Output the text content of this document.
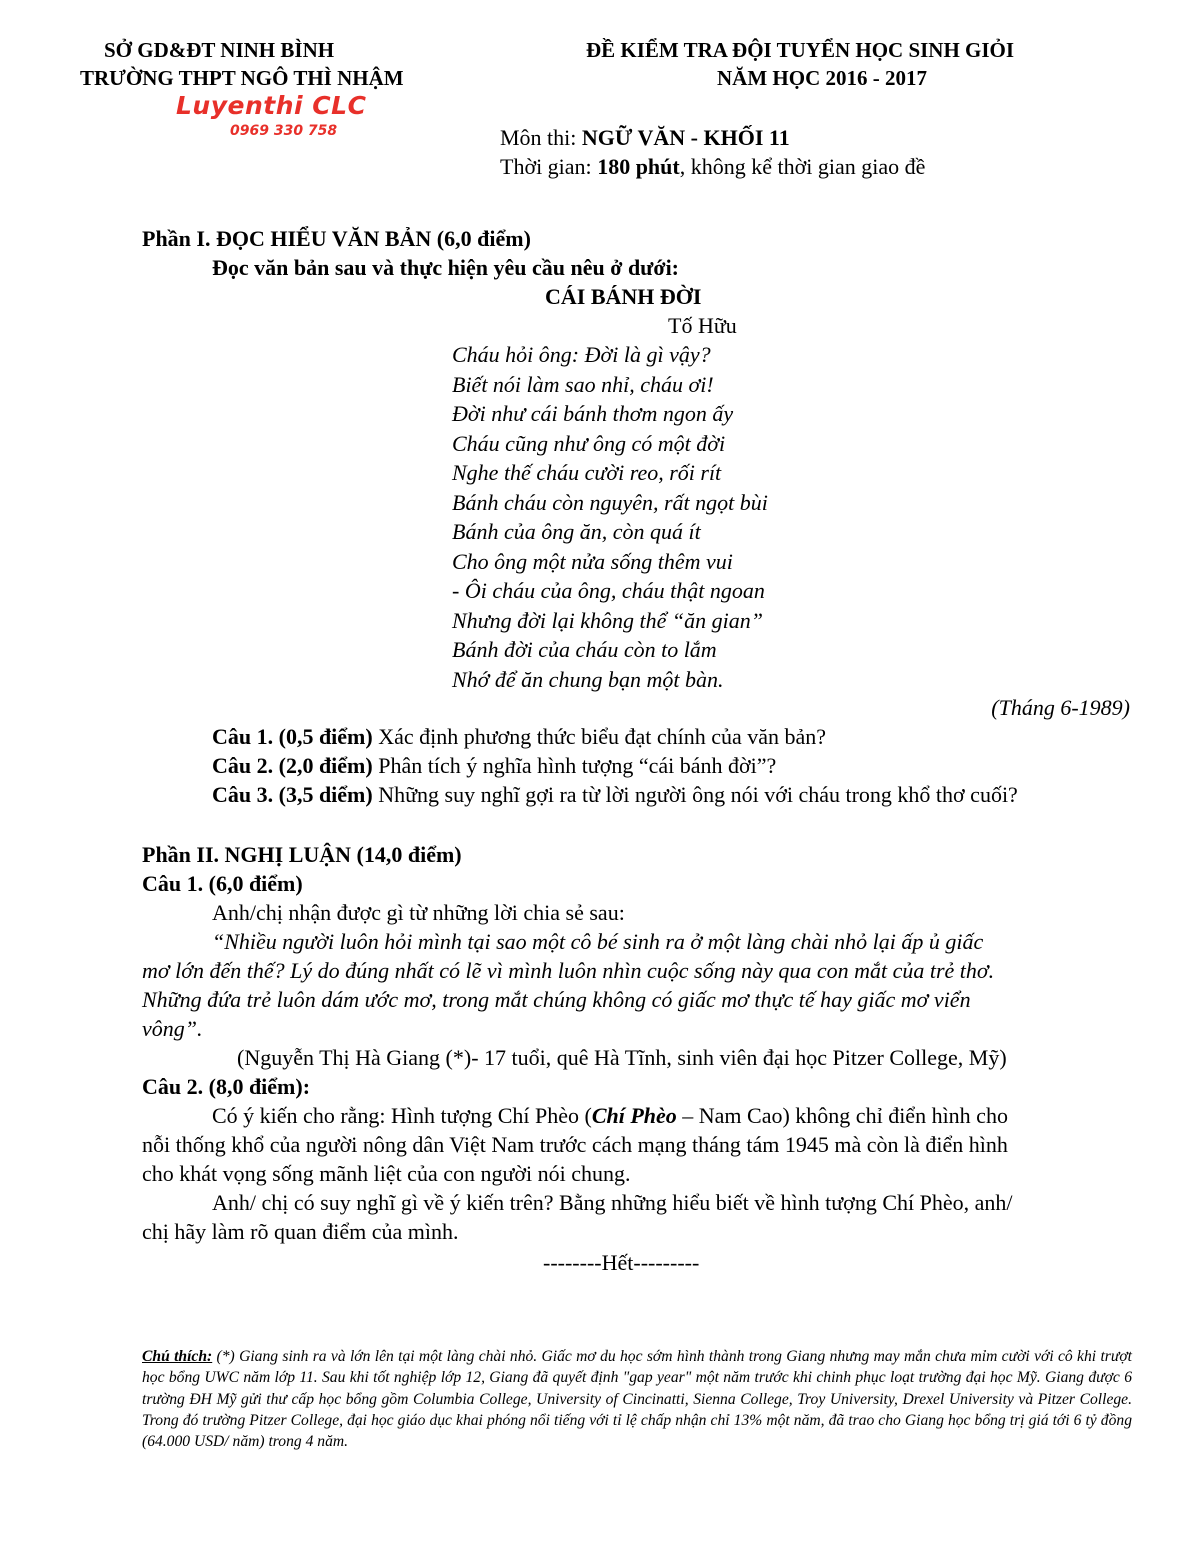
SỞ GD&ĐT NINH BÌNH
TRƯỜNG THPT NGÔ THÌ NHẬM
ĐỀ KIỂM TRA ĐỘI TUYỂN HỌC SINH GIỎI
NĂM HỌC 2016 - 2017
Luyenthi CLC
0969 330 758	Môn thi: NGỮ VĂN - KHỐI 11
Thời gian: 180 phút, không kể thời gian giao đề
Phần I. ĐỌC HIỂU VĂN BẢN (6,0 điểm)
Đọc văn bản sau và thực hiện yêu cầu nêu ở dưới:
CÁI BÁNH ĐỜI
Tố Hữu
Cháu hỏi ông: Đời là gì vậy?
Biết nói làm sao nhỉ, cháu ơi!
Đời như cái bánh thơm ngon ấy
Cháu cũng như ông có một đời
Nghe thế cháu cười reo, rối rít
Bánh cháu còn nguyên, rất ngọt bùi
Bánh của ông ăn, còn quá ít
Cho ông một nửa sống thêm vui
- Ôi cháu của ông, cháu thật ngoan
Nhưng đời lại không thể “ăn gian”
Bánh đời của cháu còn to lắm
Nhớ để ăn chung bạn một bàn.
(Tháng 6-1989)
Câu 1. (0,5 điểm) Xác định phương thức biểu đạt chính của văn bản?
Câu 2. (2,0 điểm) Phân tích ý nghĩa hình tượng “cái bánh đời”?
Câu 3. (3,5 diểm) Những suy nghĩ gợi ra từ lời người ông nói với cháu trong khổ thơ cuối?
Phần II. NGHỊ LUẬN (14,0 điểm)
Câu 1. (6,0 điểm)
Anh/chị nhận được gì từ những lời chia sẻ sau:
“Nhiều người luôn hỏi mình tại sao một cô bé sinh ra ở một làng chài nhỏ lại ấp ủ giấc
mơ lớn đến thế? Lý do đúng nhất có lẽ vì mình luôn nhìn cuộc sống này qua con mắt của trẻ thơ.
Những đứa trẻ luôn dám ước mơ, trong mắt chúng không có giấc mơ thực tế hay giấc mơ viển
vông”.
(Nguyễn Thị Hà Giang (*)- 17 tuổi, quê Hà Tĩnh, sinh viên đại học Pitzer College, Mỹ)
Câu 2. (8,0 điểm):
Có ý kiến cho rằng: Hình tượng Chí Phèo (Chí Phèo – Nam Cao) không chỉ điển hình cho
nỗi thống khổ của người nông dân Việt Nam trước cách mạng tháng tám 1945 mà còn là điển hình
cho khát vọng sống mãnh liệt của con người nói chung.
Anh/ chị có suy nghĩ gì về ý kiến trên? Bằng những hiểu biết về hình tượng Chí Phèo, anh/
chị hãy làm rõ quan điểm của mình.
--------Hết---------
Chú thích: (*) Giang sinh ra và lớn lên tại một làng chài nhỏ. Giấc mơ du học sớm hình thành trong Giang nhưng may mắn chưa mỉm cười với cô khi trượt học bổng UWC năm lớp 11. Sau khi tốt nghiệp lớp 12, Giang đã quyết định "gap year" một năm trước khi chinh phục loạt trường đại học Mỹ. Giang được 6 trường ĐH Mỹ gửi thư cấp học bổng gồm Columbia College, University of Cincinatti, Sienna College, Troy University, Drexel University và Pitzer College. Trong đó trường Pitzer College, đại học giáo dục khai phóng nổi tiếng với tỉ lệ chấp nhận chỉ 13% một năm, đã trao cho Giang học bổng trị giá tới 6 tỷ đồng (64.000 USD/ năm) trong 4 năm.
